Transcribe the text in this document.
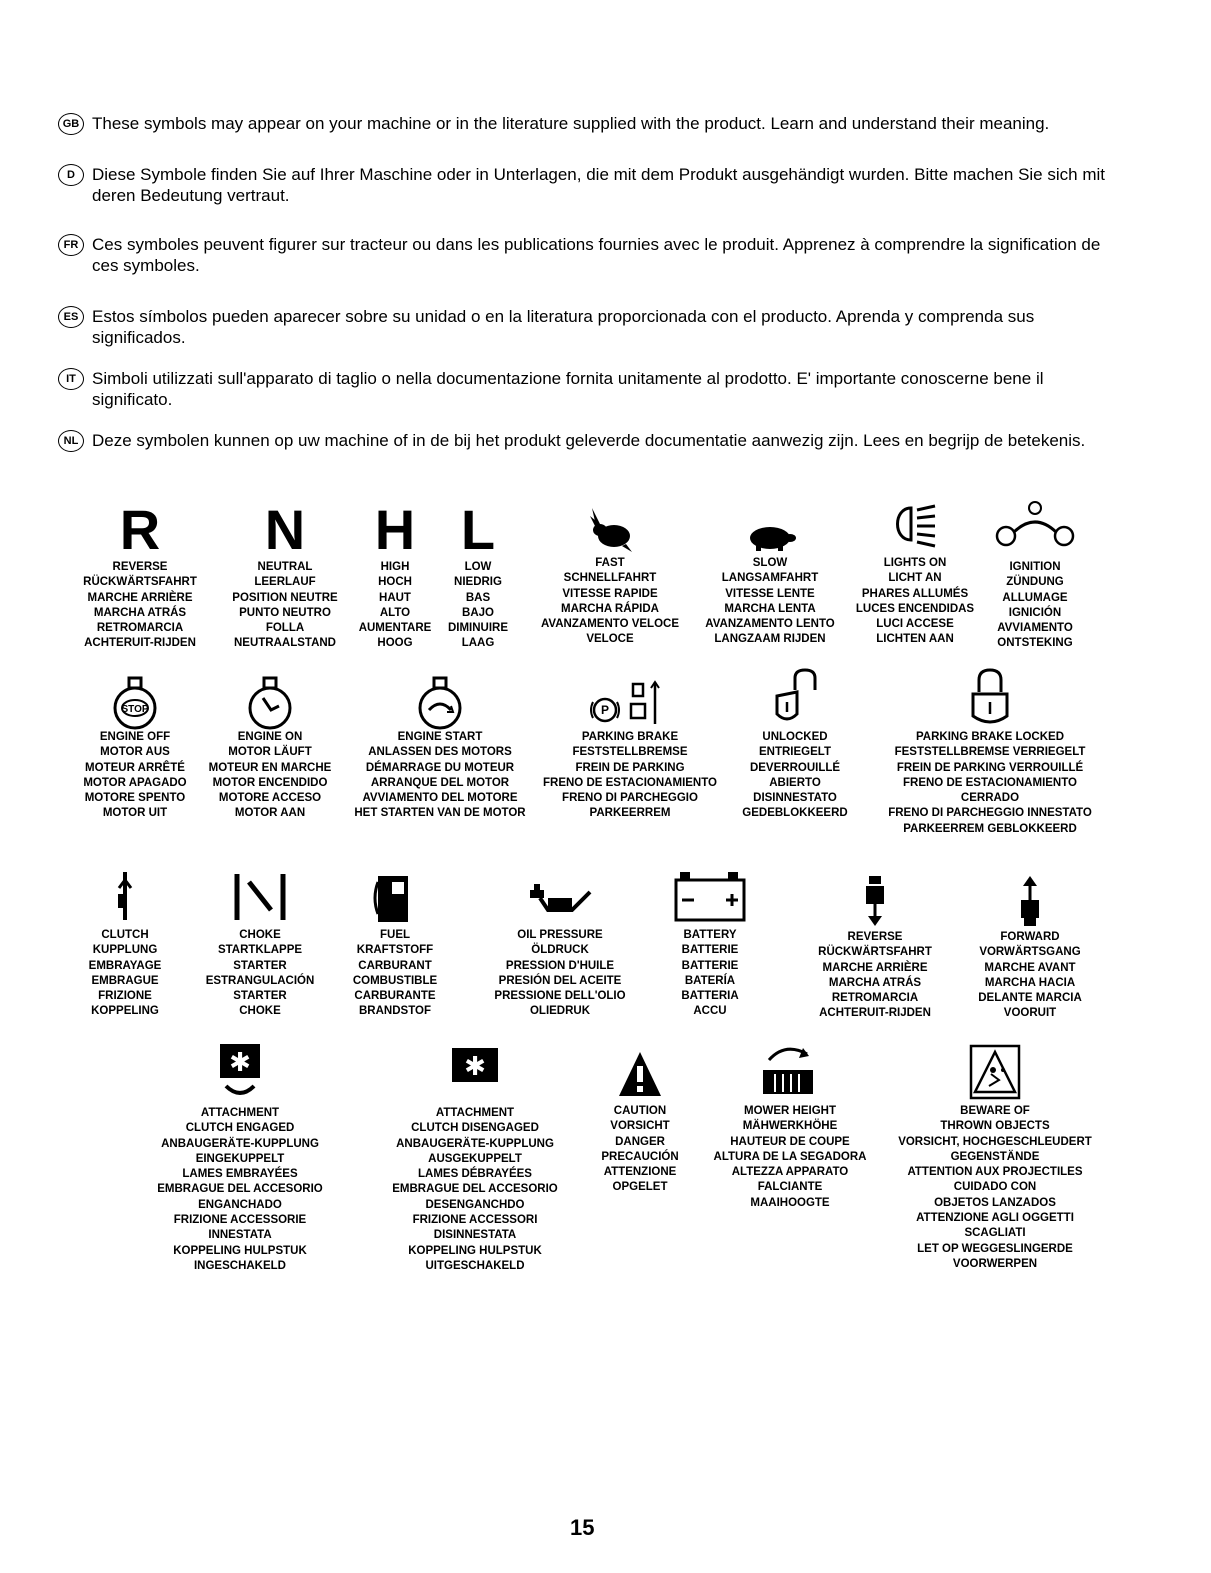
GB These symbols may appear on your machine or in the literature supplied with the product. Learn and understand their meaning.
D	Diese Symbole finden Sie auf Ihrer Maschine oder in Unterlagen, die mit dem Produkt ausgehändigt wurden. Bitte machen Sie sich mit deren Bedeutung vertraut.
FR Ces symboles peuvent figurer sur tracteur ou dans les publications fournies avec le produit. Apprenez à comprendre la signification de ces symboles.
ES Estos símbolos pueden aparecer sobre su unidad o en la literatura proporcionada con el producto. Aprenda y comprenda sus significados.
IT Simboli utilizzati sull'apparato di taglio o nella documentazione fornita unitamente al prodotto. E' importante conoscerne bene il significato.
NL Deze symbolen kunnen op uw machine of in de bij het produkt geleverde documentatie aanwezig zijn. Lees en begrijp de betekenis.
R
REVERSE
RÜCKWÄRTSFAHRT
MARCHE ARRIÈRE
MARCHA ATRÁS
RETROMARCIA
ACHTERUIT-RIJDEN
N
NEUTRAL
LEERLAUF
POSITION NEUTRE
PUNTO NEUTRO
FOLLA
NEUTRAALSTAND
H
HIGH
HOCH
HAUT
ALTO
AUMENTARE
HOOG
L
LOW
NIEDRIG
BAS
BAJO
DIMINUIRE
LAAG
FAST
SCHNELLFAHRT
VITESSE RAPIDE
MARCHA RÁPIDA
AVANZAMENTO VELOCE
VELOCE
SLOW
LANGSAMFAHRT
VITESSE LENTE
MARCHA LENTA
AVANZAMENTO LENTO
LANGZAAM RIJDEN
LIGHTS ON
LICHT AN
PHARES ALLUMÉS
LUCES ENCENDIDAS
LUCI ACCESE
LICHTEN AAN
IGNITION
ZÜNDUNG
ALLUMAGE
IGNICIÓN
AVVIAMENTO
ONTSTEKING
STOP
ENGINE OFF
MOTOR AUS
MOTEUR ARRÊTÉ
MOTOR APAGADO
MOTORE SPENTO
MOTOR UIT
ENGINE ON
MOTOR LÄUFT
MOTEUR EN MARCHE
MOTOR ENCENDIDO
MOTORE ACCESO
MOTOR AAN
ENGINE START
ANLASSEN DES MOTORS
DÉMARRAGE DU MOTEUR
ARRANQUE DEL MOTOR
AVVIAMENTO DEL MOTORE
HET STARTEN VAN DE MOTOR
P
PARKING BRAKE
FESTSTELLBREMSE
FREIN DE PARKING
FRENO DE ESTACIONAMIENTO
FRENO DI PARCHEGGIO
PARKEERREM
UNLOCKED
ENTRIEGELT
DEVERROUILLÉ
ABIERTO
DISINNESTATO
GEDEBLOKKEERD
PARKING BRAKE LOCKED
FESTSTELLBREMSE VERRIEGELT
FREIN DE PARKING VERROUILLÉ
FRENO DE ESTACIONAMIENTO
CERRADO
FRENO DI PARCHEGGIO INNESTATO
PARKEERREM GEBLOKKEERD
CLUTCH
KUPPLUNG
EMBRAYAGE
EMBRAGUE
FRIZIONE
KOPPELING
CHOKE
STARTKLAPPE
STARTER
ESTRANGULACIÓN
STARTER
CHOKE
FUEL
KRAFTSTOFF
CARBURANT
COMBUSTIBLE
CARBURANTE
BRANDSTOF
OIL PRESSURE
ÖLDRUCK
PRESSION D'HUILE
PRESIÓN DEL ACEITE
PRESSIONE DELL'OLIO
OLIEDRUK
BATTERY
BATTERIE
BATTERIE
BATERÍA
BATTERIA
ACCU
REVERSE
RÜCKWÄRTSFAHRT
MARCHE ARRIÈRE
MARCHA ATRÁS
RETROMARCIA
ACHTERUIT-RIJDEN
FORWARD
VORWÄRTSGANG
MARCHE AVANT
MARCHA HACIA
DELANTE MARCIA
VOORUIT
✱
ATTACHMENT
CLUTCH ENGAGED
ANBAUGERÄTE-KUPPLUNG
EINGEKUPPELT
LAMES EMBRAYÉES
EMBRAGUE DEL ACCESORIO
ENGANCHADO
FRIZIONE ACCESSORIE
INNESTATA
KOPPELING HULPSTUK
INGESCHAKELD
✱
ATTACHMENT
CLUTCH DISENGAGED
ANBAUGERÄTE-KUPPLUNG
AUSGEKUPPELT
LAMES DÉBRAYÉES
EMBRAGUE DEL ACCESORIO
DESENGANCHDO
FRIZIONE ACCESSORI
DISINNESTATA
KOPPELING HULPSTUK
UITGESCHAKELD
CAUTION
VORSICHT
DANGER
PRECAUCIÓN
ATTENZIONE
OPGELET
MOWER HEIGHT
MÄHWERKHÖHE
HAUTEUR DE COUPE
ALTURA DE LA SEGADORA
ALTEZZA APPARATO
FALCIANTE
MAAIHOOGTE
BEWARE OF
THROWN OBJECTS
VORSICHT, HOCHGESCHLEUDERT
GEGENSTÄNDE
ATTENTION AUX PROJECTILES
CUIDADO CON
OBJETOS LANZADOS
ATTENZIONE AGLI OGGETTI
SCAGLIATI
LET OP WEGGESLINGERDE
VOORWERPEN
15
